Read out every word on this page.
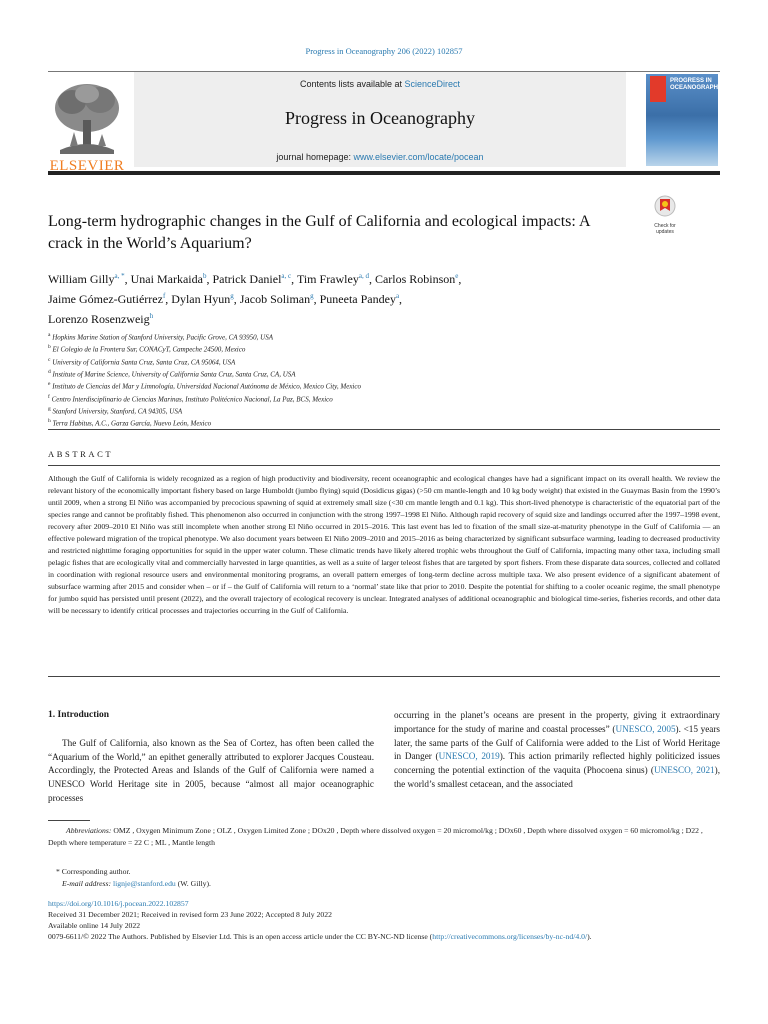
Progress in Oceanography 206 (2022) 102857
ELSEVIER
Contents lists available at ScienceDirect
Progress in Oceanography
journal homepage: www.elsevier.com/locate/pocean
PROGRESS IN OCEANOGRAPHY
Long-term hydrographic changes in the Gulf of California and ecological impacts: A crack in the World’s Aquarium?
Check for updates
William Gilly$^{a, *}$, Unai Markaida$^b$, Patrick Daniel$^{a, c}$, Tim Frawley$^{a, d}$, Carlos Robinson$^e$,
Jaime Gómez-Gutiérrez$^f$, Dylan Hyun$^g$, Jacob Soliman$^g$, Puneeta Pandey$^a$,
Lorenzo Rosenzweig$^h$
$^a$ Hopkins Marine Station of Stanford University, Pacific Grove, CA 93950, USA
$^b$ El Colegio de la Frontera Sur, CONACyT, Campeche 24500, Mexico
$^c$ University of California Santa Cruz, Santa Cruz, CA 95064, USA
$^d$ Institute of Marine Science, University of California Santa Cruz, Santa Cruz, CA, USA
$^e$ Instituto de Ciencias del Mar y Limnología, Universidad Nacional Autónoma de México, Mexico City, Mexico
$^f$ Centro Interdisciplinario de Ciencias Marinas, Instituto Politécnico Nacional, La Paz, BCS, Mexico
$^g$ Stanford University, Stanford, CA 94305, USA
$^h$ Terra Habitus, A.C., Garza García, Nuevo León, Mexico
ABSTRACT
Although the Gulf of California is widely recognized as a region of high productivity and biodiversity, recent oceanographic and ecological changes have had a significant impact on its overall health. We review the relevant history of the economically important fishery based on large Humboldt (jumbo flying) squid (Dosidicus gigas) (>50 cm mantle-length and 10 kg body weight) that existed in the Guaymas Basin from the 1990’s until 2009, when a strong El Niño was accompanied by precocious spawning of squid at extremely small size (<30 cm mantle length and 0.1 kg). This short-lived phenotype is characteristic of the equatorial part of the species range and cannot be profitably fished. This phenomenon also occurred in conjunction with the strong 1997–1998 El Niño. Although rapid recovery of squid size and landings occurred after the 1997–1998 event, recovery after 2009–2010 El Niño was still incomplete when another strong El Niño occurred in 2015–2016. This last event has led to fixation of the small size-at-maturity phenotype in the Gulf of California — an effective poleward migration of the tropical phenotype. We also document years between El Niño 2009–2010 and 2015–2016 as being characterized by significant subsurface warming, leading to decreased productivity and restricted nighttime foraging opportunities for squid in the upper water column. These climatic trends have likely altered trophic webs throughout the Gulf of California, impacting many other taxa, including small pelagic fishes that are ecologically vital and commercially harvested in large quantities, as well as a suite of larger teleost fishes that are targeted by sport fishers. From these disparate data sources, collected and collated in coordination with regional resource users and environmental monitoring programs, an overall pattern emerges of long-term decline across multiple taxa. We also present evidence of a significant abatement of subsurface warming after 2015 and consider when – or if – the Gulf of California will return to a ‘normal’ state like that prior to 2010. Despite the potential for shifting to a cooler oceanic regime, the small phenotype for jumbo squid has persisted until present (2022), and the overall trajectory of ecological recovery is unclear. Integrated analyses of additional oceanographic and biological time-series, fisheries records, and other data will be necessary to identify critical processes and trajectories occurring in the Gulf of California.
1. Introduction
The Gulf of California, also known as the Sea of Cortez, has often been called the “Aquarium of the World,” an epithet generally attributed to explorer Jacques Cousteau. Accordingly, the Protected Areas and Islands of the Gulf of California were named a UNESCO World Heritage site in 2005, because “almost all major oceanographic processes
occurring in the planet’s oceans are present in the property, giving it extraordinary importance for the study of marine and coastal processes” (UNESCO, 2005). <15 years later, the same parts of the Gulf of California were added to the List of World Heritage in Danger (UNESCO, 2019). This action primarily reflected highly politicized issues concerning the potential extinction of the vaquita (Phocoena sinus) (UNESCO, 2021), the world’s smallest cetacean, and the associated
Abbreviations: OMZ , Oxygen Minimum Zone ; OLZ , Oxygen Limited Zone ; DOx20 , Depth where dissolved oxygen = 20 micromol/kg ; DOx60 , Depth where dissolved oxygen = 60 micromol/kg ; D22 , Depth where temperature = 22 C ; ML , Mantle length
* Corresponding author.
E-mail address: lignje@stanford.edu (W. Gilly).
https://doi.org/10.1016/j.pocean.2022.102857
Received 31 December 2021; Received in revised form 23 June 2022; Accepted 8 July 2022
Available online 14 July 2022
0079-6611/© 2022 The Authors. Published by Elsevier Ltd. This is an open access article under the CC BY-NC-ND license (http://creativecommons.org/licenses/by-nc-nd/4.0/).
